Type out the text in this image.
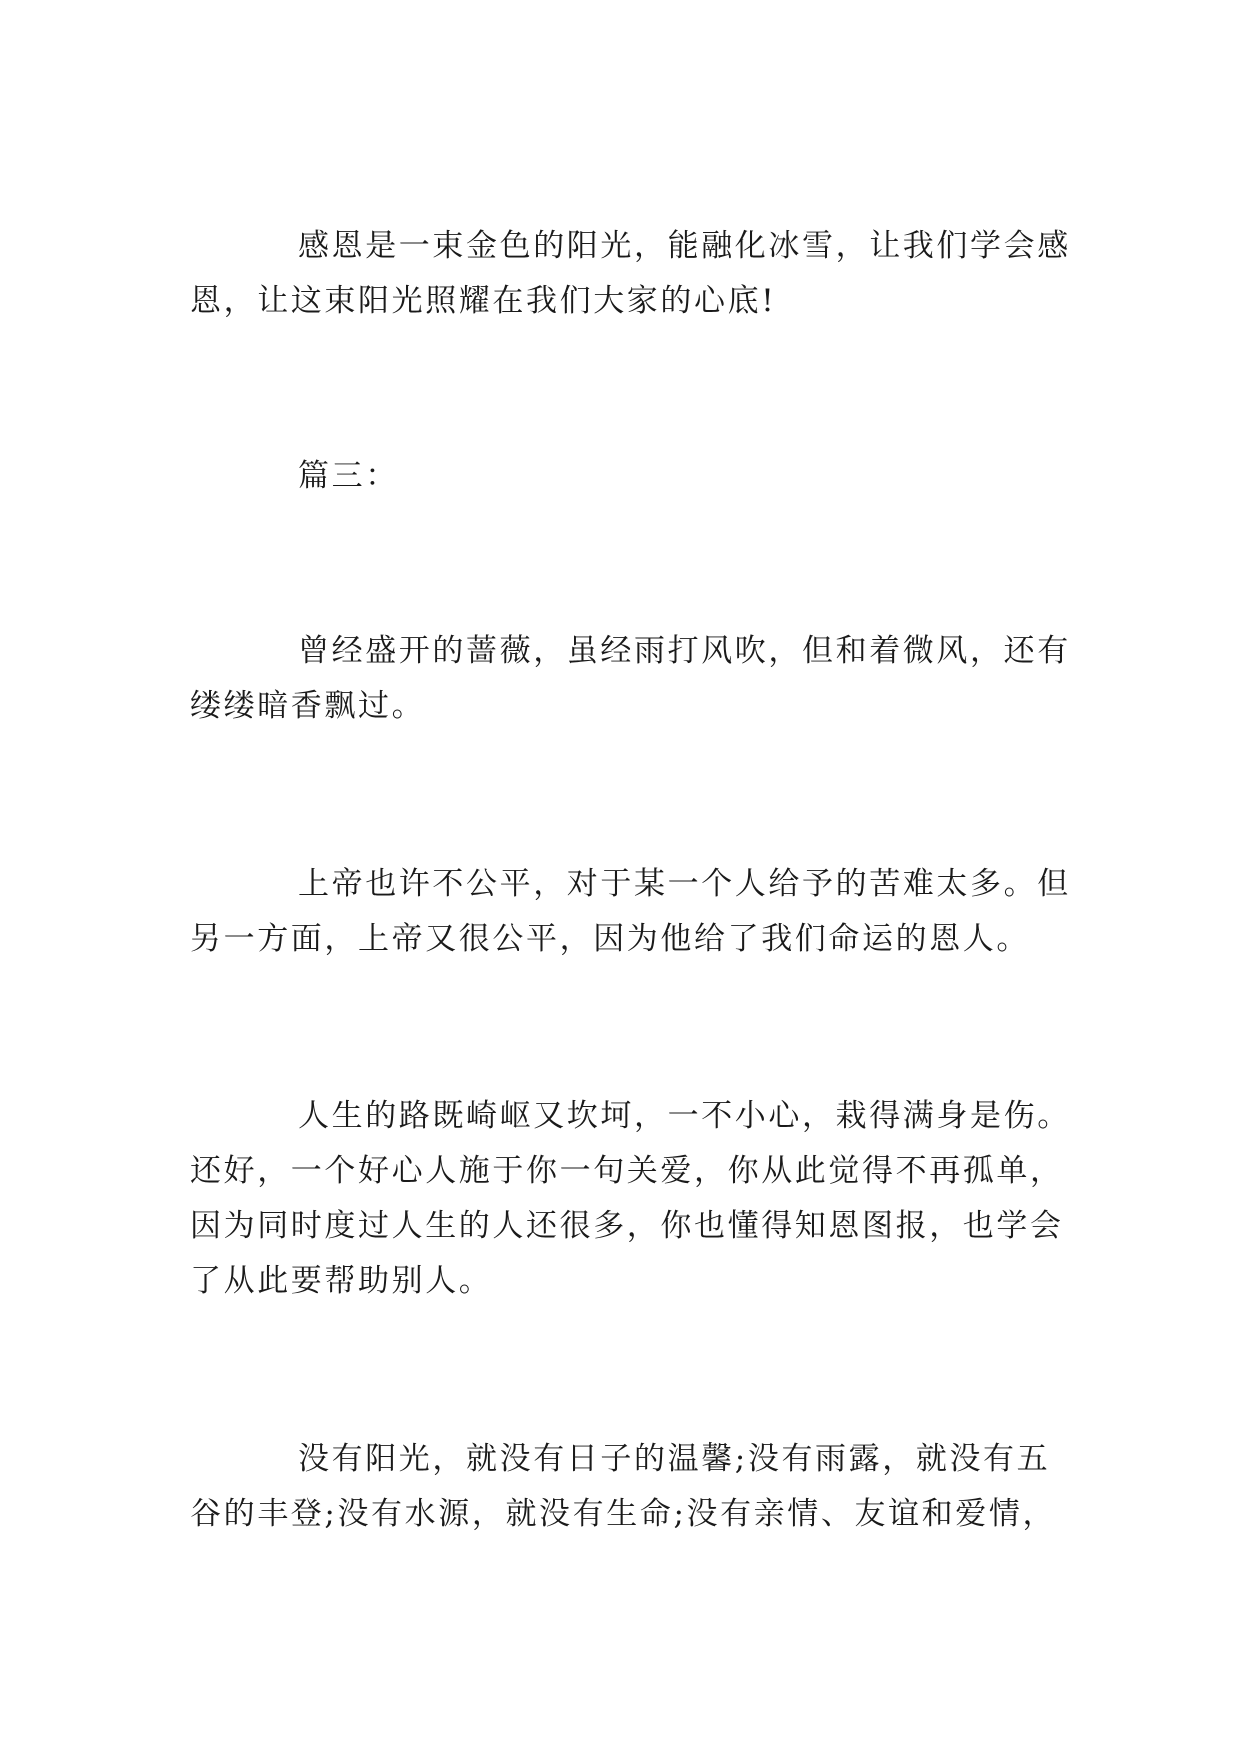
感恩是一束金色的阳光，能融化冰雪，让我们学会感
恩，让这束阳光照耀在我们大家的心底!
篇三：
曾经盛开的蔷薇，虽经雨打风吹，但和着微风，还有
缕缕暗香飘过。
上帝也许不公平，对于某一个人给予的苦难太多。但
另一方面，上帝又很公平，因为他给了我们命运的恩人。
人生的路既崎岖又坎坷，一不小心，栽得满身是伤。
还好，一个好心人施于你一句关爱，你从此觉得不再孤单，
因为同时度过人生的人还很多，你也懂得知恩图报，也学会
了从此要帮助别人。
没有阳光，就没有日子的温馨;没有雨露，就没有五
谷的丰登;没有水源，就没有生命;没有亲情、友谊和爱情，
